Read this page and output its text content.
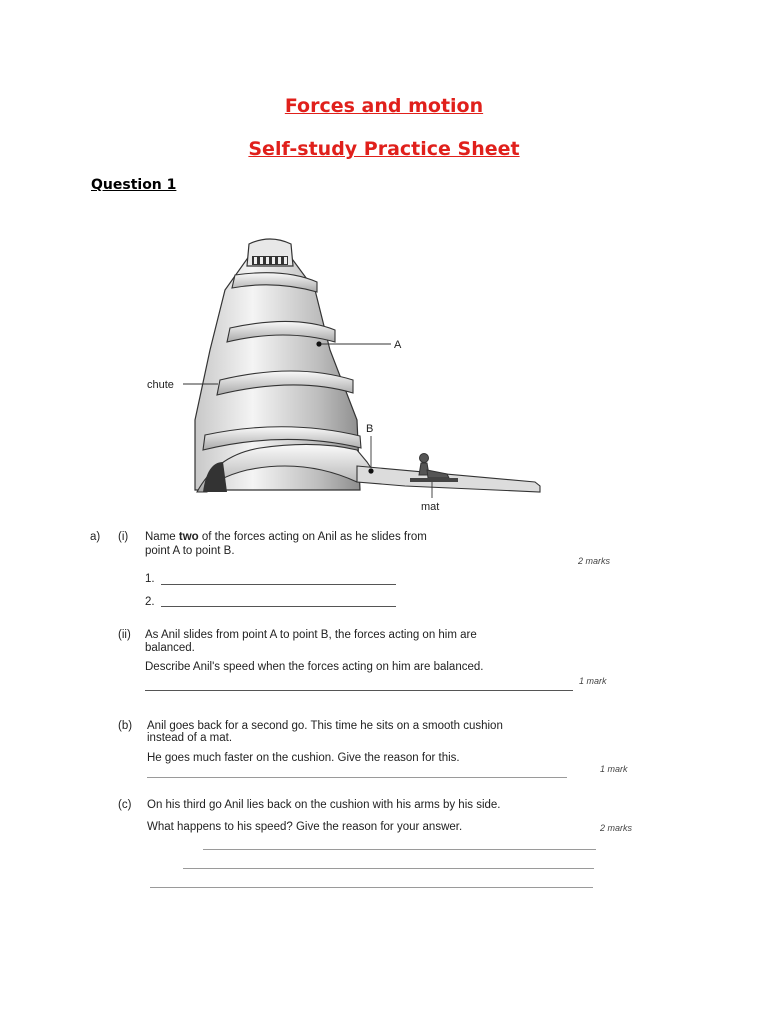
Forces and motion
Self-study Practice Sheet
Question 1
A
chute
B
mat
a) (i) Name two of the forces acting on Anil as he slides from
point A to point B.
2 marks
1.
2.
(ii) As Anil slides from point A to point B, the forces acting on him are
balanced.
Describe Anil's speed when the forces acting on him are balanced.
1 mark
(b) Anil goes back for a second go. This time he sits on a smooth cushion
instead of a mat.
He goes much faster on the cushion. Give the reason for this.
1 mark
(c) On his third go Anil lies back on the cushion with his arms by his side.
What happens to his speed? Give the reason for your answer.	2 marks
